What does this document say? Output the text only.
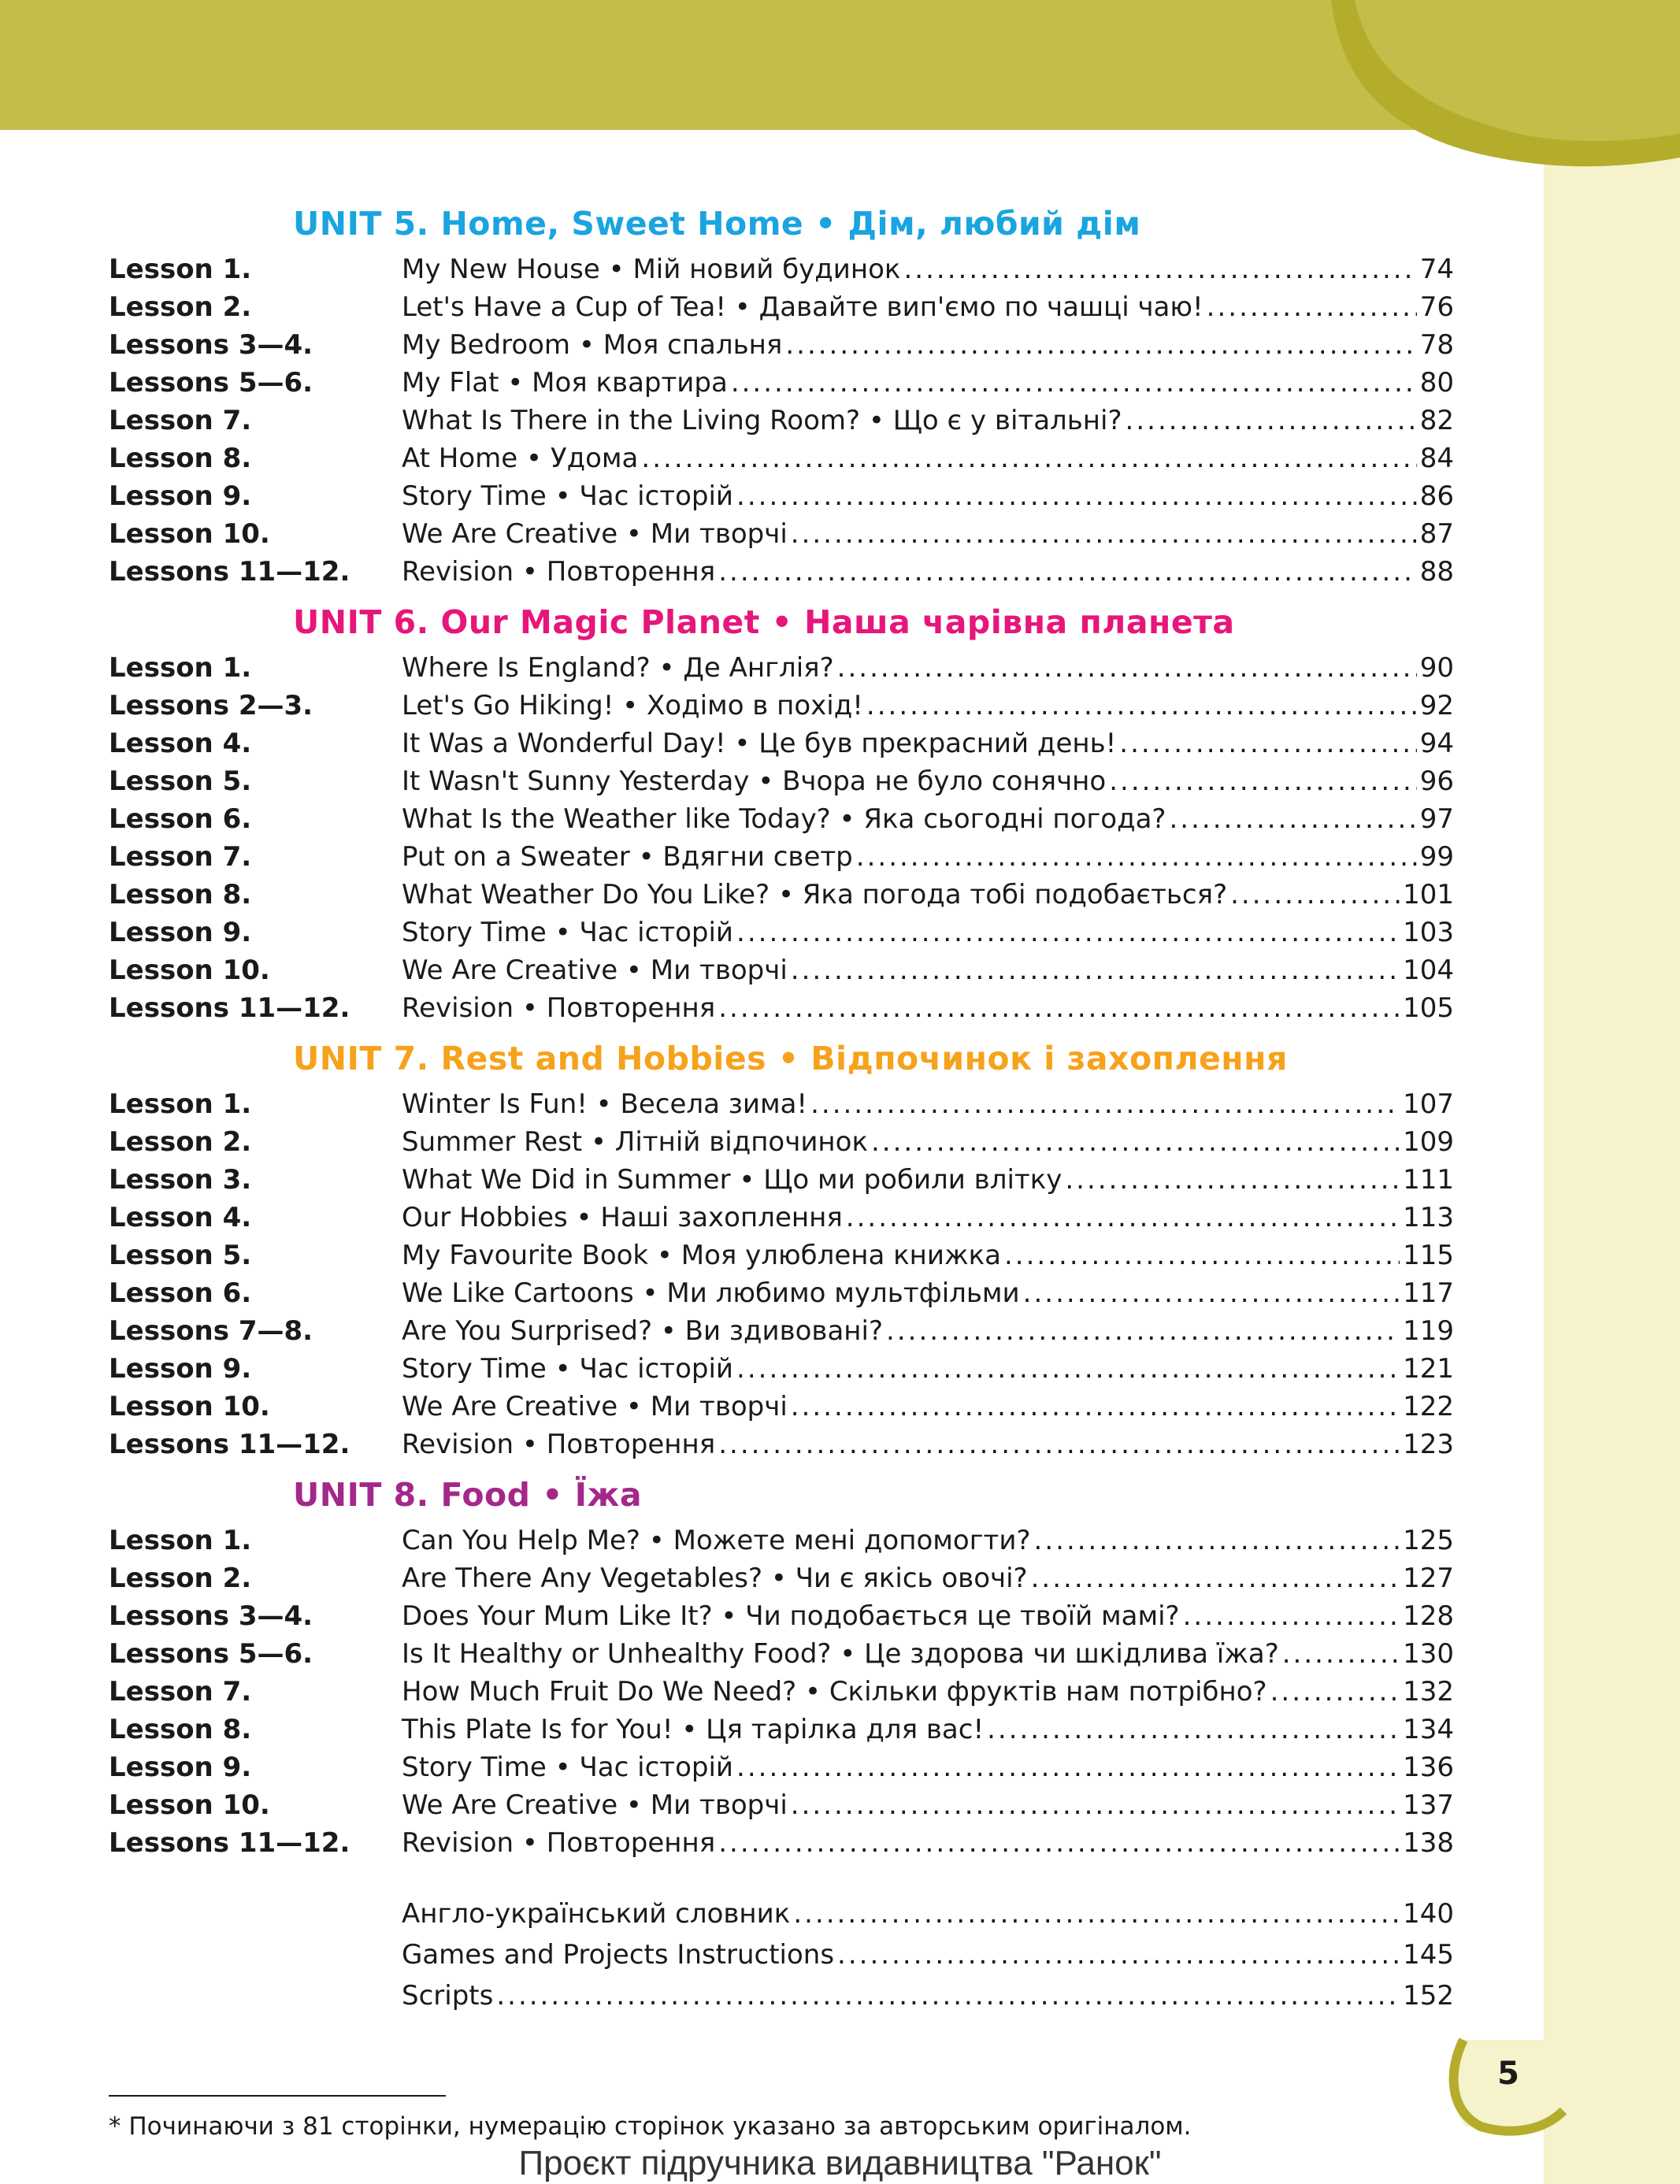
UNIT 5. Home, Sweet Home • Дім, любий дім
Lesson 1.	My New House • Мій новий будинок .....	74
Lesson 2.	Let's Have a Cup of Tea! • Давайте вип'ємо по чашці чаю! .....	76
Lessons 3—4.	My Bedroom • Моя спальня .....	78
Lessons 5—6.	My Flat • Моя квартира .....	80
Lesson 7.	What Is There in the Living Room? • Що є у вітальні? .....	82
Lesson 8.	At Home • Удома .....	84
Lesson 9.	Story Time • Час історій .....	86
Lesson 10.	We Are Creative • Ми творчі .....	87
Lessons 11—12. Revision • Повторення .....	88
UNIT 6. Our Magic Planet • Наша чарівна планета
Lesson 1.	Where Is England? • Де Англія? .....	90
Lessons 2—3.	Let's Go Hiking! • Ходімо в похід! .....	92
Lesson 4.	It Was a Wonderful Day! • Це був прекрасний день! .....	94
Lesson 5.	It Wasn't Sunny Yesterday • Вчора не було сонячно .....	96
Lesson 6.	What Is the Weather like Today? • Яка сьогодні погода? .....	97
Lesson 7.	Put on a Sweater • Вдягни светр .....	99
Lesson 8.	What Weather Do You Like? • Яка погода тобі подобається? .....	101
Lesson 9.	Story Time • Час історій .....	103
Lesson 10.	We Are Creative • Ми творчі .....	104
Lessons 11—12. Revision • Повторення .....	105
UNIT 7. Rest and Hobbies • Відпочинок і захоплення
Lesson 1.	Winter Is Fun! • Весела зима! .....	107
Lesson 2.	Summer Rest • Літній відпочинок .....	109
Lesson 3.	What We Did in Summer • Що ми робили влітку .....	111
Lesson 4.	Our Hobbies • Наші захоплення .....	113
Lesson 5.	My Favourite Book • Моя улюблена книжка .....	115
Lesson 6.	We Like Cartoons • Ми любимо мультфільми .....	117
Lessons 7—8.	Are You Surprised? • Ви здивовані? .....	119
Lesson 9.	Story Time • Час історій .....	121
Lesson 10.	We Are Creative • Ми творчі .....	122
Lessons 11—12. Revision • Повторення .....	123
UNIT 8. Food • Їжа
Lesson 1.	Can You Help Me? • Можете мені допомогти? .....	125
Lesson 2.	Are There Any Vegetables? • Чи є якісь овочі? .....	127
Lessons 3—4.	Does Your Mum Like It? • Чи подобається це твоїй мамі? .....	128
Lessons 5—6.	Is It Healthy or Unhealthy Food? • Це здорова чи шкідлива їжа? .....	130
Lesson 7.	How Much Fruit Do We Need? • Скільки фруктів нам потрібно? .....	132
Lesson 8.	This Plate Is for You! • Ця тарілка для вас! .....	134
Lesson 9.	Story Time • Час історій .....	136
Lesson 10.	We Are Creative • Ми творчі .....	137
Lessons 11—12. Revision • Повторення .....	138
Англо-український словник .....	140
Games and Projects Instructions .....	145
Scripts .....	152
* Починаючи з 81 сторінки, нумерацію сторінок указано за авторським оригіналом.
5
Проєкт підручника видавництва "Ранок"
